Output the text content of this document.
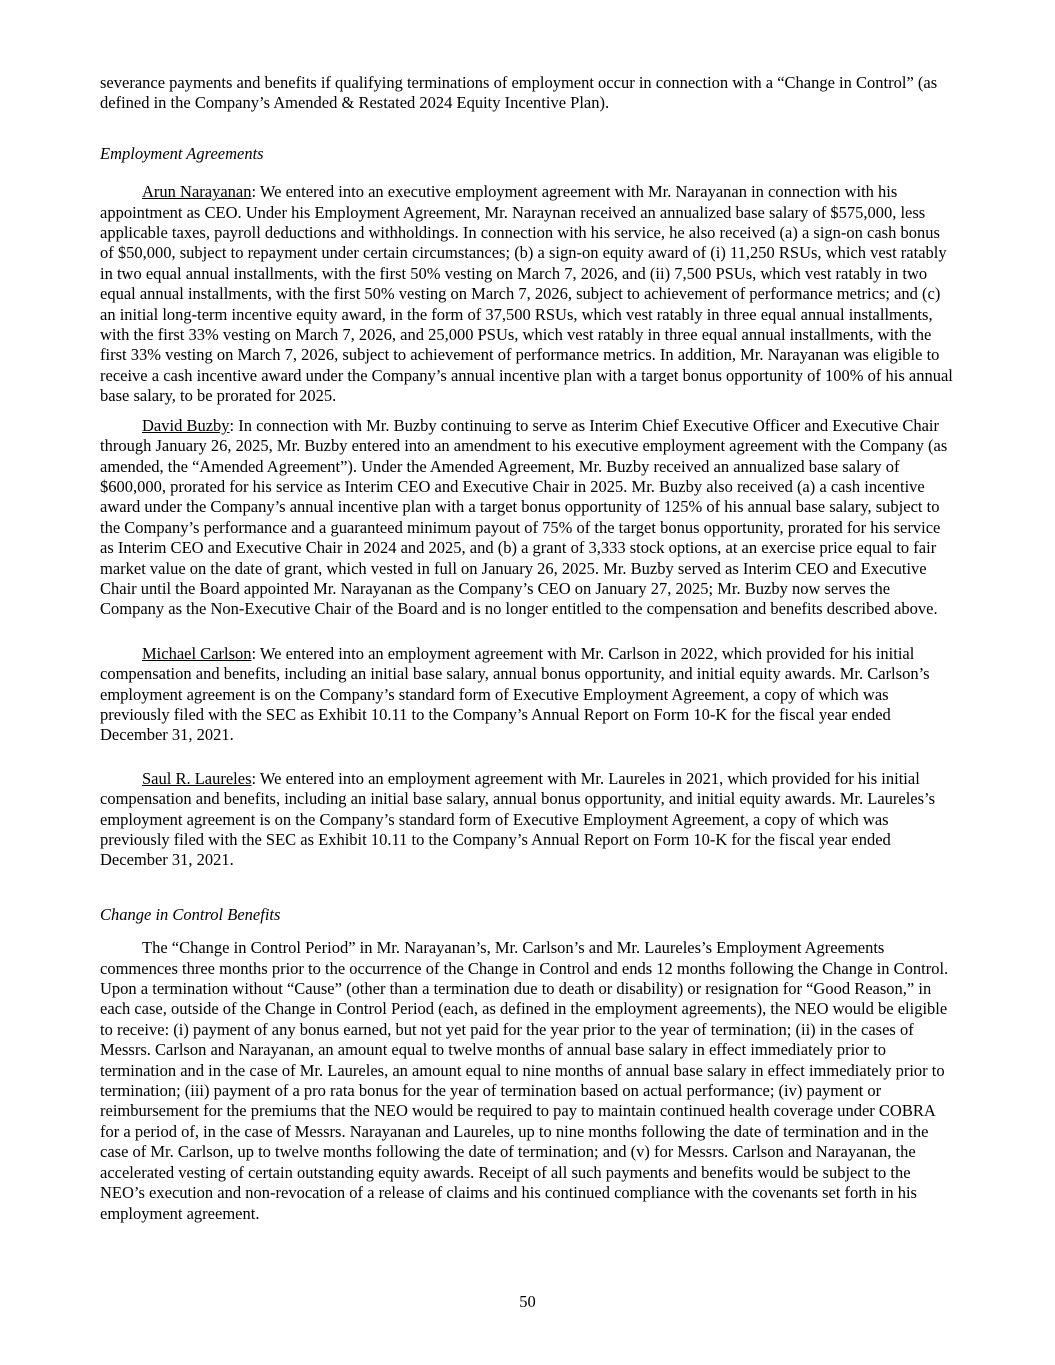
severance payments and benefits if qualifying terminations of employment occur in connection with a “Change in Control” (as defined in the Company’s Amended & Restated 2024 Equity Incentive Plan).

Employment Agreements

Arun Narayanan: We entered into an executive employment agreement with Mr. Narayanan in connection with his appointment as CEO. Under his Employment Agreement, Mr. Naraynan received an annualized base salary of $575,000, less applicable taxes, payroll deductions and withholdings. In connection with his service, he also received (a) a sign-on cash bonus of $50,000, subject to repayment under certain circumstances; (b) a sign-on equity award of (i) 11,250 RSUs, which vest ratably in two equal annual installments, with the first 50% vesting on March 7, 2026, and (ii) 7,500 PSUs, which vest ratably in two equal annual installments, with the first 50% vesting on March 7, 2026, subject to achievement of performance metrics; and (c) an initial long-term incentive equity award, in the form of 37,500 RSUs, which vest ratably in three equal annual installments, with the first 33% vesting on March 7, 2026, and 25,000 PSUs, which vest ratably in three equal annual installments, with the first 33% vesting on March 7, 2026, subject to achievement of performance metrics. In addition, Mr. Narayanan was eligible to receive a cash incentive award under the Company’s annual incentive plan with a target bonus opportunity of 100% of his annual base salary, to be prorated for 2025.

David Buzby: In connection with Mr. Buzby continuing to serve as Interim Chief Executive Officer and Executive Chair through January 26, 2025, Mr. Buzby entered into an amendment to his executive employment agreement with the Company (as amended, the “Amended Agreement”). Under the Amended Agreement, Mr. Buzby received an annualized base salary of $600,000, prorated for his service as Interim CEO and Executive Chair in 2025. Mr. Buzby also received (a) a cash incentive award under the Company’s annual incentive plan with a target bonus opportunity of 125% of his annual base salary, subject to the Company’s performance and a guaranteed minimum payout of 75% of the target bonus opportunity, prorated for his service as Interim CEO and Executive Chair in 2024 and 2025, and (b) a grant of 3,333 stock options, at an exercise price equal to fair market value on the date of grant, which vested in full on January 26, 2025. Mr. Buzby served as Interim CEO and Executive Chair until the Board appointed Mr. Narayanan as the Company’s CEO on January 27, 2025; Mr. Buzby now serves the Company as the Non-Executive Chair of the Board and is no longer entitled to the compensation and benefits described above.

Michael Carlson: We entered into an employment agreement with Mr. Carlson in 2022, which provided for his initial compensation and benefits, including an initial base salary, annual bonus opportunity, and initial equity awards. Mr. Carlson’s employment agreement is on the Company’s standard form of Executive Employment Agreement, a copy of which was previously filed with the SEC as Exhibit 10.11 to the Company’s Annual Report on Form 10-K for the fiscal year ended December 31, 2021.

Saul R. Laureles: We entered into an employment agreement with Mr. Laureles in 2021, which provided for his initial compensation and benefits, including an initial base salary, annual bonus opportunity, and initial equity awards. Mr. Laureles’s employment agreement is on the Company’s standard form of Executive Employment Agreement, a copy of which was previously filed with the SEC as Exhibit 10.11 to the Company’s Annual Report on Form 10-K for the fiscal year ended December 31, 2021.

Change in Control Benefits

The “Change in Control Period” in Mr. Narayanan’s, Mr. Carlson’s and Mr. Laureles’s Employment Agreements commences three months prior to the occurrence of the Change in Control and ends 12 months following the Change in Control. Upon a termination without “Cause” (other than a termination due to death or disability) or resignation for “Good Reason,” in each case, outside of the Change in Control Period (each, as defined in the employment agreements), the NEO would be eligible to receive: (i) payment of any bonus earned, but not yet paid for the year prior to the year of termination; (ii) in the cases of Messrs. Carlson and Narayanan, an amount equal to twelve months of annual base salary in effect immediately prior to termination and in the case of Mr. Laureles, an amount equal to nine months of annual base salary in effect immediately prior to termination; (iii) payment of a pro rata bonus for the year of termination based on actual performance; (iv) payment or reimbursement for the premiums that the NEO would be required to pay to maintain continued health coverage under COBRA for a period of, in the case of Messrs. Narayanan and Laureles, up to nine months following the date of termination and in the case of Mr. Carlson, up to twelve months following the date of termination; and (v) for Messrs. Carlson and Narayanan, the accelerated vesting of certain outstanding equity awards. Receipt of all such payments and benefits would be subject to the NEO’s execution and non-revocation of a release of claims and his continued compliance with the covenants set forth in his employment agreement.

50
